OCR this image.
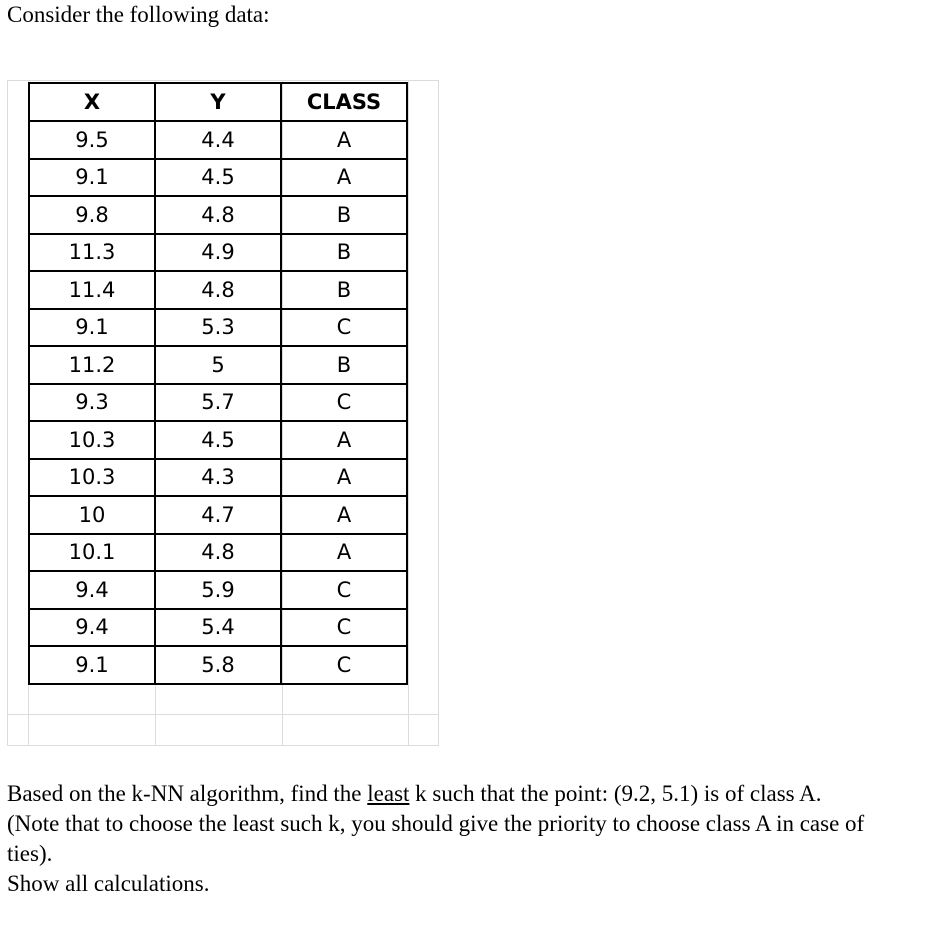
Consider the following data:
X	Y	CLASS
9.5	4.4	A
9.1	4.5	A
9.8	4.8	B
11.3	4.9	B
11.4	4.8	B
9.1	5.3	C
11.2	5	B
9.3	5.7	C
10.3	4.5	A
10.3	4.3	A
10	4.7	A
10.1	4.8	A
9.4	5.9	C
9.4	5.4	C
9.1	5.8	C

Based on the k-NN algorithm, find the least k such that the point: (9.2, 5.1) is of class A.

(Note that to choose the least such k, you should give the priority to choose class A in case of ties).

Show all calculations.
